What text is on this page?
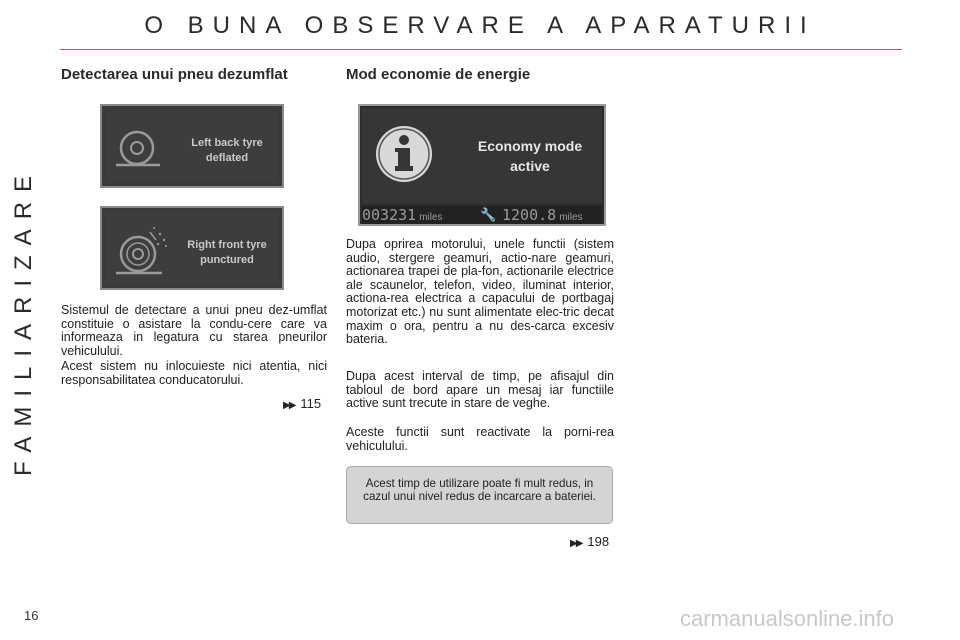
O BUNA OBSERVARE A APARATURII
FAMILIARIZARE
16
Detectarea unui pneu dezumflat
Left back tyre
deflated
Right front tyre
punctured

Sistemul de detectare a unui pneu dez-umflat constituie o asistare la condu-cere care va informeaza in legatura cu starea pneurilor vehiculului.

Acest sistem nu inlocuieste nici atentia, nici responsabilitatea conducatorului.

▶▶ 115
Mod economie de energie
Economy mode
active
003231 miles	🔧 1200.8 miles

Dupa oprirea motorului, unele functii (sistem audio, stergere geamuri, actio-nare geamuri, actionarea trapei de pla-fon, actionarile electrice ale scaunelor, telefon, video, iluminat interior, actiona-rea electrica a capacului de portbagaj motorizat etc.) nu sunt alimentate elec-tric decat maxim o ora, pentru a nu des-carca excesiv bateria.

Dupa acest interval de timp, pe afisajul din tabloul de bord apare un mesaj iar functiile active sunt trecute in stare de veghe.

Aceste functii sunt reactivate la porni-rea vehiculului.

Acest timp de utilizare poate fi mult redus, in cazul unui nivel redus de incarcare a bateriei.
▶▶ 198
carmanualsonline.info
